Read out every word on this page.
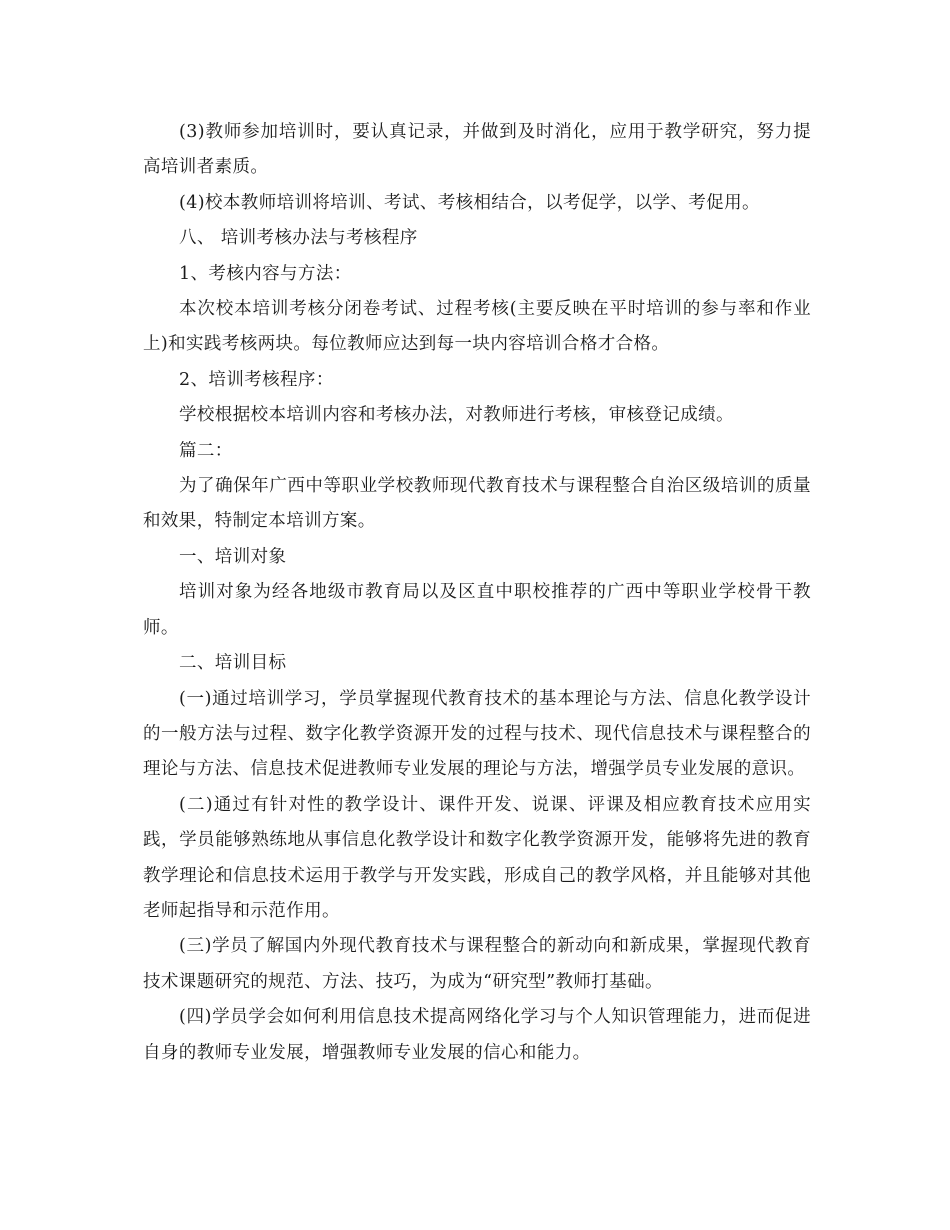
(3)教师参加培训时，要认真记录，并做到及时消化，应用于教学研究，努力提高培训者素质。

(4)校本教师培训将培训、考试、考核相结合，以考促学，以学、考促用。

八、 培训考核办法与考核程序

1、考核内容与方法：

本次校本培训考核分闭卷考试、过程考核(主要反映在平时培训的参与率和作业上)和实践考核两块。每位教师应达到每一块内容培训合格才合格。

2、培训考核程序：

学校根据校本培训内容和考核办法，对教师进行考核，审核登记成绩。

篇二：

为了确保年广西中等职业学校教师现代教育技术与课程整合自治区级培训的质量和效果，特制定本培训方案。

一、培训对象

培训对象为经各地级市教育局以及区直中职校推荐的广西中等职业学校骨干教师。

二、培训目标

(一)通过培训学习，学员掌握现代教育技术的基本理论与方法、信息化教学设计的一般方法与过程、数字化教学资源开发的过程与技术、现代信息技术与课程整合的理论与方法、信息技术促进教师专业发展的理论与方法，增强学员专业发展的意识。

(二)通过有针对性的教学设计、课件开发、说课、评课及相应教育技术应用实践，学员能够熟练地从事信息化教学设计和数字化教学资源开发，能够将先进的教育教学理论和信息技术运用于教学与开发实践，形成自己的教学风格，并且能够对其他老师起指导和示范作用。

(三)学员了解国内外现代教育技术与课程整合的新动向和新成果，掌握现代教育技术课题研究的规范、方法、技巧，为成为“研究型”教师打基础。

(四)学员学会如何利用信息技术提高网络化学习与个人知识管理能力，进而促进自身的教师专业发展，增强教师专业发展的信心和能力。
